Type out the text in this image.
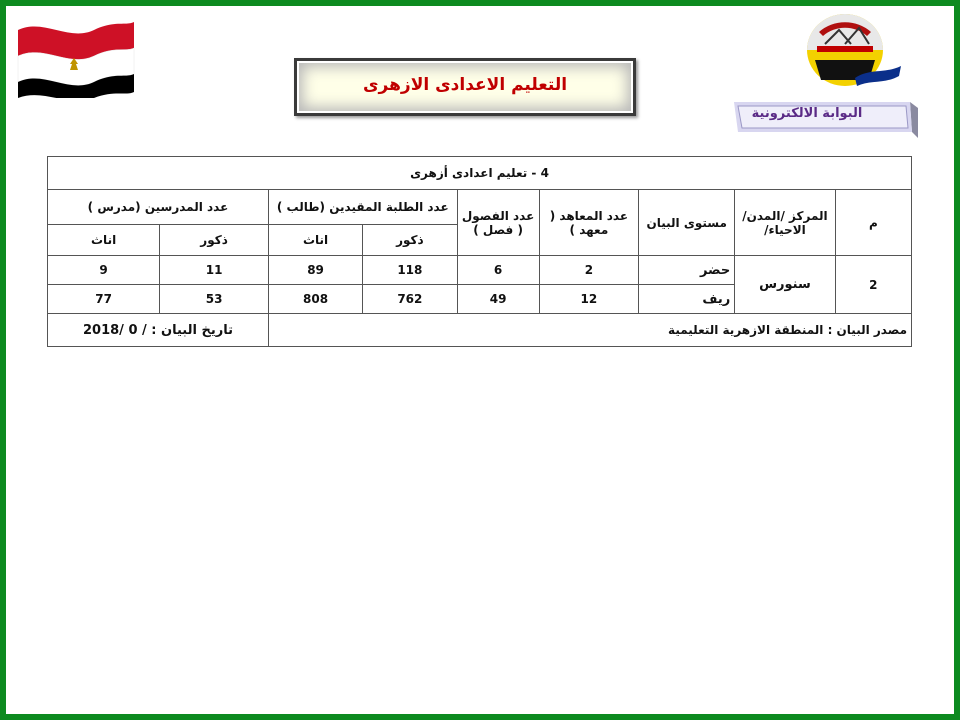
التعليم الاعدادى الازهرى
البوابة الالكترونية
4 - تعليم اعدادى أزهرى								
م	المركز /المدن/الاحياء/	مستوى البيان	عدد المعاهد ( معهد )	عدد الفصول ( فصل )	عدد الطلبة المقيدين (طالب )		عدد المدرسين (مدرس )	
					ذكور	اناث	ذكور	اناث
2	سنورس	حضر	2	6	118	89	11	9
		ريف	12	49	762	808	53	77
مصدر البيان : المنطقة الازهرية التعليمية							تاريخ البيان : / 0 /2018	
